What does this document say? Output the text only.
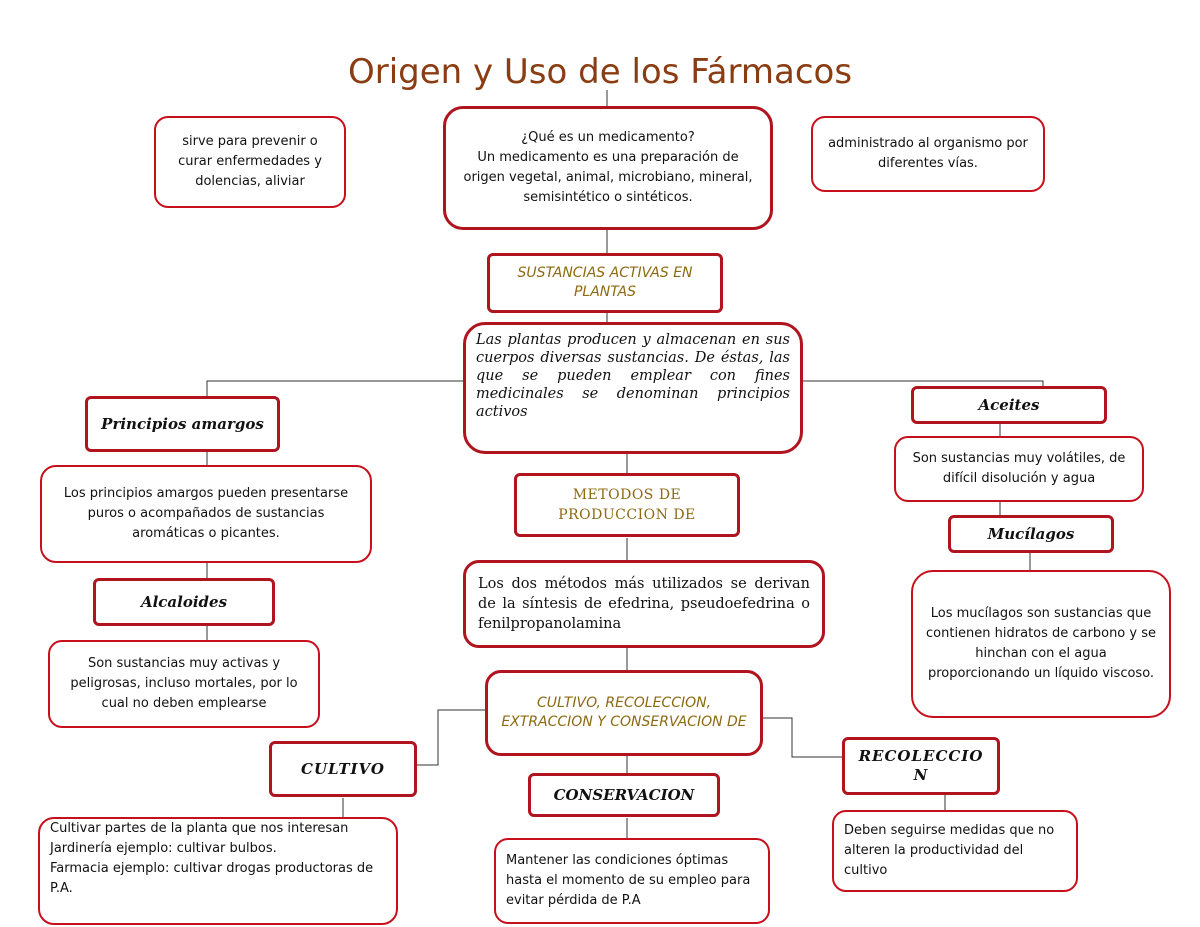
Origen y Uso de los Fármacos
sirve para prevenir o curar enfermedades y dolencias, aliviar
¿Qué es un medicamento?
Un medicamento es una preparación de origen vegetal, animal, microbiano, mineral, semisintético o sintéticos.
administrado al organismo por diferentes vías.
SUSTANCIAS ACTIVAS EN PLANTAS
Las plantas producen y almacenan en sus cuerpos diversas sustancias. De éstas, las que se pueden emplear con fines medicinales se denominan principios activos
METODOS DE PRODUCCION DE
Los dos métodos más utilizados se derivan de la síntesis de efedrina, pseudoefedrina o fenilpropanolamina
CULTIVO, RECOLECCION, EXTRACCION Y CONSERVACION DE
Principios amargos
Los principios amargos pueden presentarse puros o acompañados de sustancias aromáticas o picantes.
Alcaloides
Son sustancias muy activas y peligrosas, incluso mortales, por lo cual no deben emplearse
CULTIVO
Cultivar partes de la planta que nos interesan
Jardinería ejemplo: cultivar bulbos.
Farmacia ejemplo: cultivar drogas productoras de P.A.
CONSERVACION
Mantener las condiciones óptimas hasta el momento de su empleo para evitar pérdida de P.A
Aceites
Son sustancias muy volátiles, de difícil disolución y agua
Mucílagos
Los mucílagos son sustancias que contienen hidratos de carbono y se hinchan con el agua proporcionando un líquido viscoso.
RECOLECCIO N
Deben seguirse medidas que no alteren la productividad del cultivo
